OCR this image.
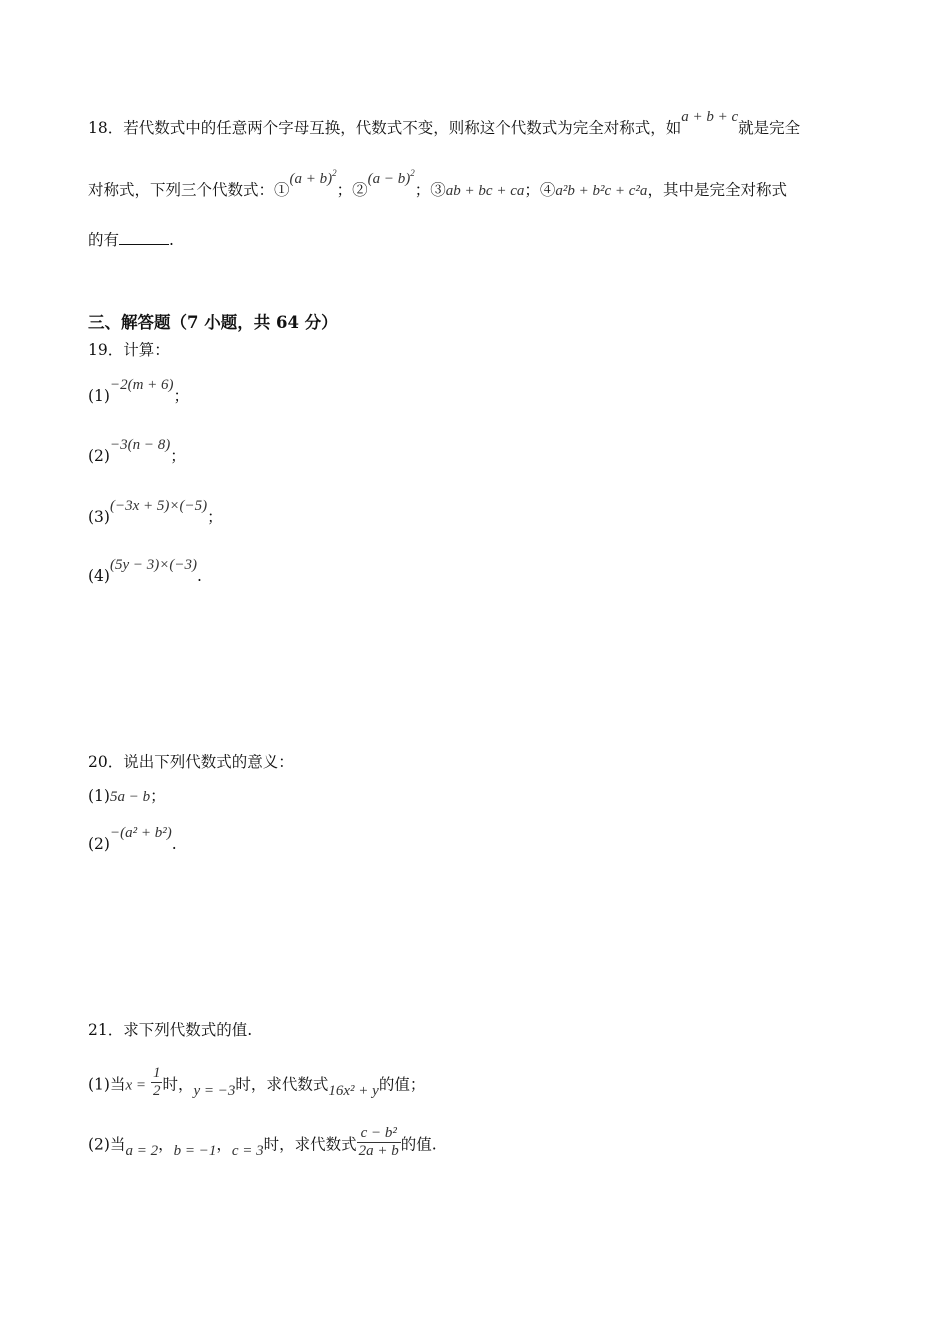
18．若代数式中的任意两个字母互换，代数式不变，则称这个代数式为完全对称式，如a + b + c就是完全
对称式，下列三个代数式：①(a + b)$^2$；②(a − b)$^2$；③ab + bc + ca；④a²b + b²c + c²a，其中是完全对称式
的有	.
三、解答题（7 小题，共 64 分）
19．计算：
(1)−2(m + 6)；
(2)−3(n − 8)；
(3)(−3x + 5)×(−5)；
(4)(5y − 3)×(−3).
20．说出下列代数式的意义：
(1)5a − b；
(2)−(a² + b²).
21．求下列代数式的值.
(1)当$x = \frac{1}{2}$ 时，y = −3时，求代数式16x² + y的值；
(2)当a = 2，b = −1，c = 3时，求代数式 $\frac{\text{c − b²}}{2a + b}$ 的值.
